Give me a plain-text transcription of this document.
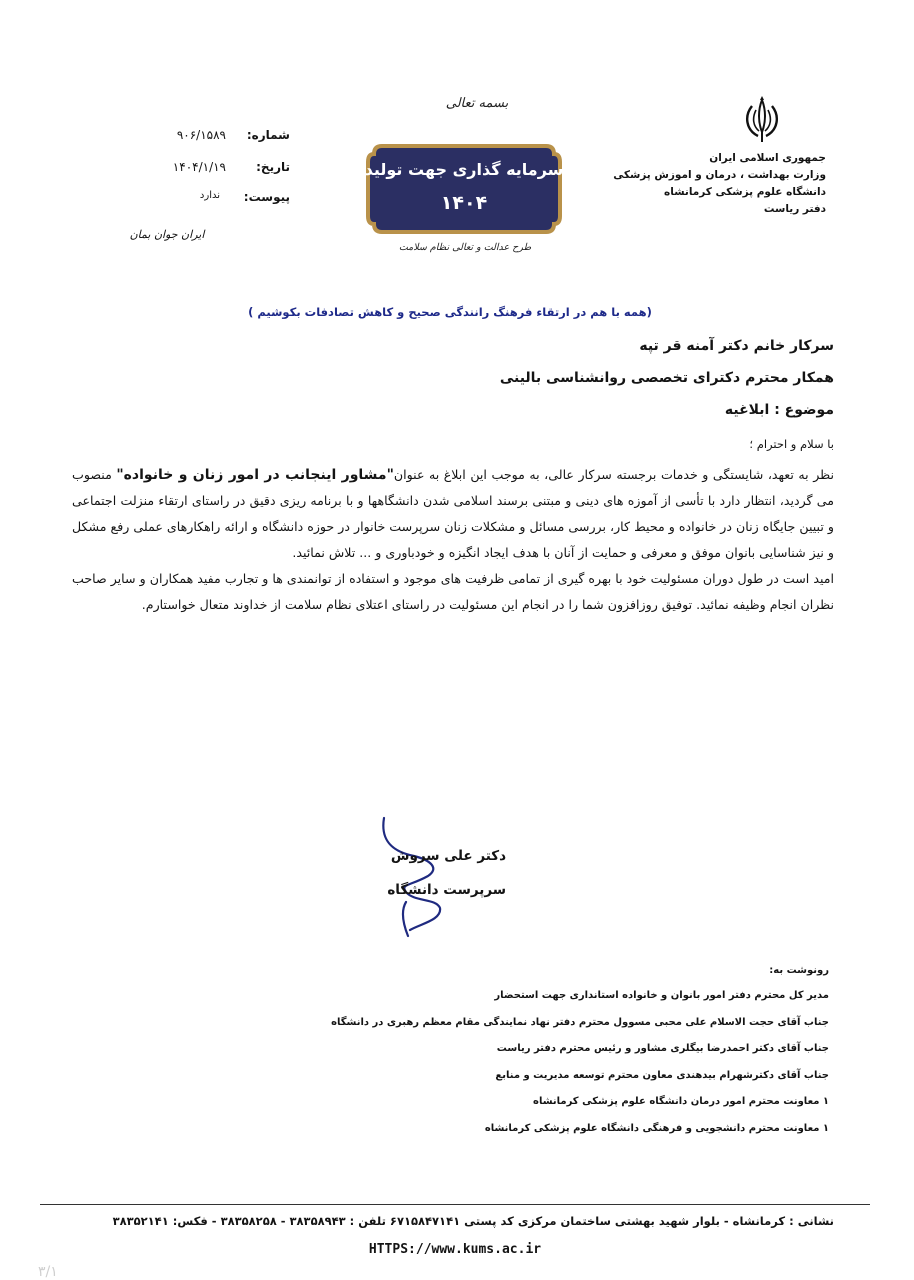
جمهوری اسلامی ایران
وزارت بهداشت ، درمان و اموزش پزشکی
دانشگاه علوم پزشکی کرمانشاه
دفتر ریاست
بسمه تعالی
سرمایه گذاری جهت تولید
۱۴۰۴
طرح عدالت و تعالی نظام سلامت
شماره:
۹۰۶/۱۵۸۹
تاریخ:
۱۴۰۴/۱/۱۹
پیوست:
ندارد
ایران جوان بمان
(همه با هم در ارتقاء فرهنگ رانندگی صحیح و کاهش تصادفات بکوشیم )
سرکار خانم دکتر آمنه قر تپه
همکار محترم دکترای تخصصی روانشناسی بالینی
موضوع : ابلاغیه
با سلام و احترام ؛

نظر به تعهد، شایستگی و خدمات برجسته سرکار عالی، به موجب این ابلاغ به عنوان"مشاور اینجانب در امور زنان و خانواده" منصوب می گردید، انتظار دارد با تأسی از آموزه های دینی و مبتنی برسند اسلامی شدن دانشگاهها و با برنامه ریزی دقیق در راستای ارتقاء منزلت اجتماعی و تبیین جایگاه زنان در خانواده و محیط کار، بررسی مسائل و مشکلات زنان سرپرست خانوار در حوزه دانشگاه و ارائه راهکارهای عملی رفع مشکل و نیز شناسایی بانوان موفق و معرفی و حمایت از آنان با هدف ایجاد انگیزه و خودباوری و ... تلاش نمائید.

امید است در طول دوران مسئولیت خود با بهره گیری از تمامی ظرفیت های موجود و استفاده از توانمندی ها و تجارب مفید همکاران و سایر صاحب نظران انجام وظیفه نمائید. توفیق روزافزون شما را در انجام این مسئولیت در راستای اعتلای نظام سلامت از خداوند متعال خواستارم.

دکتر علی سروش
سرپرست دانشگاه
رونوشت به:
مدیر کل محترم دفتر امور بانوان و خانواده استانداری جهت استحضار
جناب آقای حجت الاسلام علی محبی مسوول محترم دفتر نهاد نمایندگی مقام معظم رهبری در دانشگاه
جناب آقای دکتر احمدرضا بیگلری مشاور و رئیس محترم دفتر ریاست
جناب آقای دکترشهرام بیدهندی معاون محترم توسعه مدیریت و منابع
۱ معاونت محترم امور درمان دانشگاه علوم پزشکی کرمانشاه
۱ معاونت محترم دانشجویی و فرهنگی دانشگاه علوم پزشکی کرمانشاه
نشانی : کرمانشاه - بلوار شهید بهشتی ساختمان مرکزی کد پستی ۶۷۱۵۸۴۷۱۴۱ تلفن : ۳۸۳۵۸۹۴۳ - ۳۸۳۵۸۲۵۸ - فکس: ۳۸۳۵۲۱۴۱
HTTPS://www.kums.ac.ir
۳/۱
